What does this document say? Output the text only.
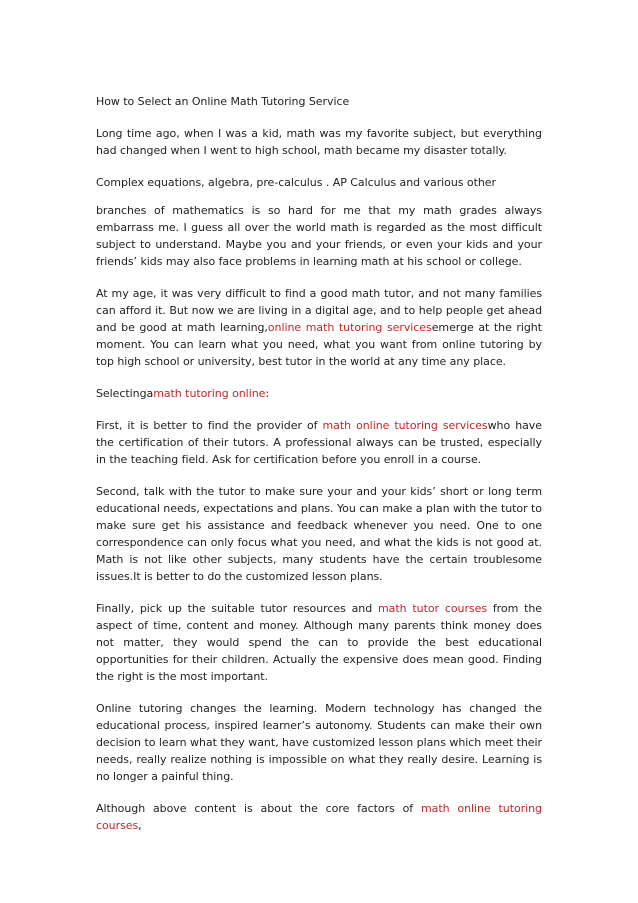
How to Select an Online Math Tutoring Service
Long time ago, when I was a kid, math was my favorite subject, but everything had changed when I went to high school, math became my disaster totally.
Complex equations, algebra, pre-calculus . AP Calculus and various other
branches of mathematics is so hard for me that my math grades always embarrass me. I guess all over the world math is regarded as the most difficult subject to understand. Maybe you and your friends, or even your kids and your friends’ kids may also face problems in learning math at his school or college.
At my age, it was very difficult to find a good math tutor, and not many families can afford it. But now we are living in a digital age, and to help people get ahead and be good at math learning,online math tutoring servicesemerge at the right moment. You can learn what you need, what you want from online tutoring by top high school or university, best tutor in the world at any time any place.
Selectingamath tutoring online:
First, it is better to find the provider of math online tutoring serviceswho have the certification of their tutors. A professional always can be trusted, especially in the teaching field. Ask for certification before you enroll in a course.
Second, talk with the tutor to make sure your and your kids’ short or long term educational needs, expectations and plans. You can make a plan with the tutor to make sure get his assistance and feedback whenever you need. One to one correspondence can only focus what you need, and what the kids is not good at. Math is not like other subjects, many students have the certain troublesome issues.It is better to do the customized lesson plans.
Finally, pick up the suitable tutor resources and math tutor courses from the aspect of time, content and money. Although many parents think money does not matter, they would spend the can to provide the best educational opportunities for their children. Actually the expensive does mean good. Finding the right is the most important.
Online tutoring changes the learning. Modern technology has changed the educational process, inspired learner’s autonomy. Students can make their own decision to learn what they want, have customized lesson plans which meet their needs, really realize nothing is impossible on what they really desire. Learning is no longer a painful thing.
Although above content is about the core factors of math online tutoring courses,
